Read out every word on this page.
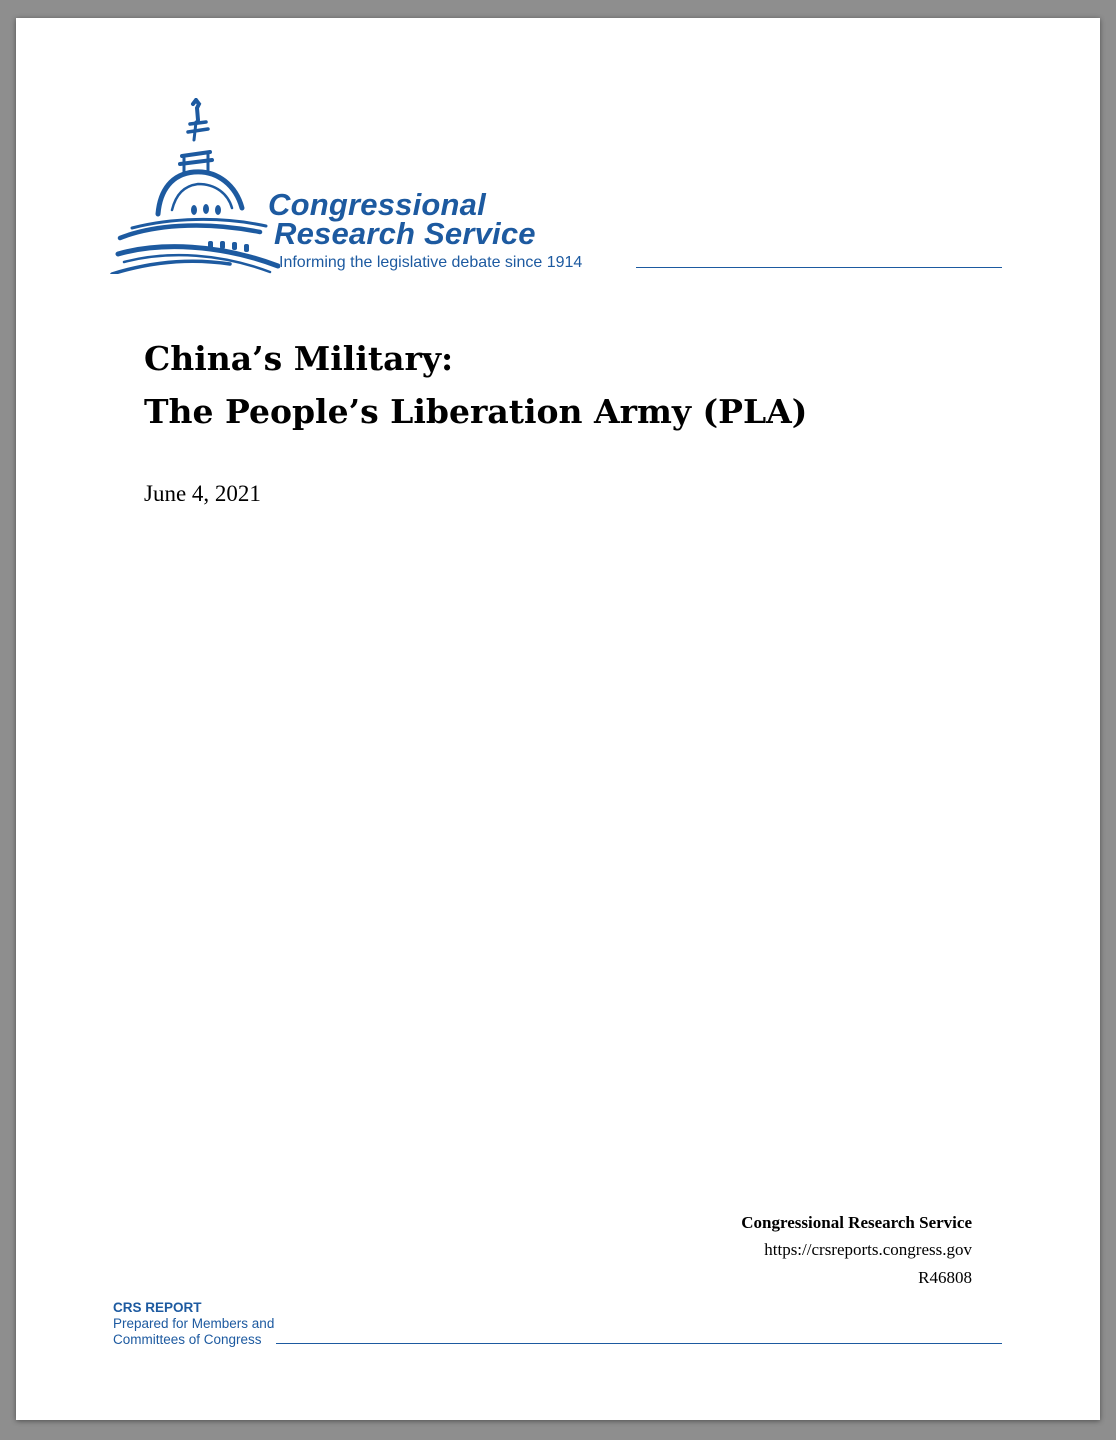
Congressional
Research Service
Informing the legislative debate since 1914
China’s Military:
The People’s Liberation Army (PLA)
June 4, 2021
Congressional Research Service
https://crsreports.congress.gov
R46808
CRS REPORT
Prepared for Members and
Committees of Congress
